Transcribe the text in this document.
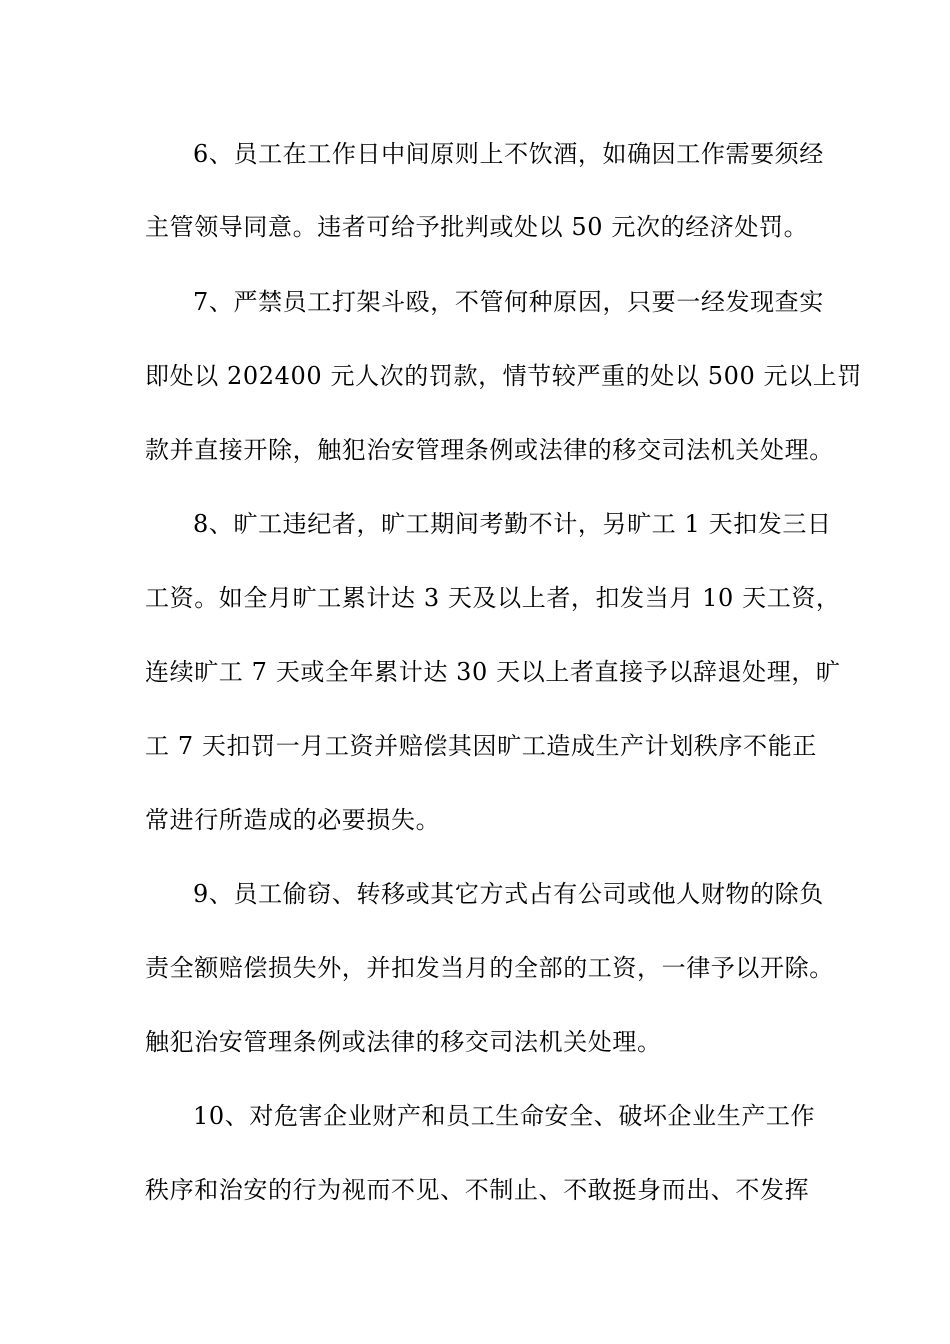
6、员工在工作日中间原则上不饮酒，如确因工作需要须经
主管领导同意。违者可给予批判或处以 50 元次的经济处罚。
7、严禁员工打架斗殴，不管何种原因，只要一经发现查实
即处以 202400 元人次的罚款，情节较严重的处以 500 元以上罚
款并直接开除，触犯治安管理条例或法律的移交司法机关处理。
8、旷工违纪者，旷工期间考勤不计，另旷工 1 天扣发三日
工资。如全月旷工累计达 3 天及以上者，扣发当月 10 天工资，
连续旷工 7 天或全年累计达 30 天以上者直接予以辞退处理，旷
工 7 天扣罚一月工资并赔偿其因旷工造成生产计划秩序不能正
常进行所造成的必要损失。
9、员工偷窃、转移或其它方式占有公司或他人财物的除负
责全额赔偿损失外，并扣发当月的全部的工资，一律予以开除。
触犯治安管理条例或法律的移交司法机关处理。
10、对危害企业财产和员工生命安全、破坏企业生产工作
秩序和治安的行为视而不见、不制止、不敢挺身而出、不发挥
